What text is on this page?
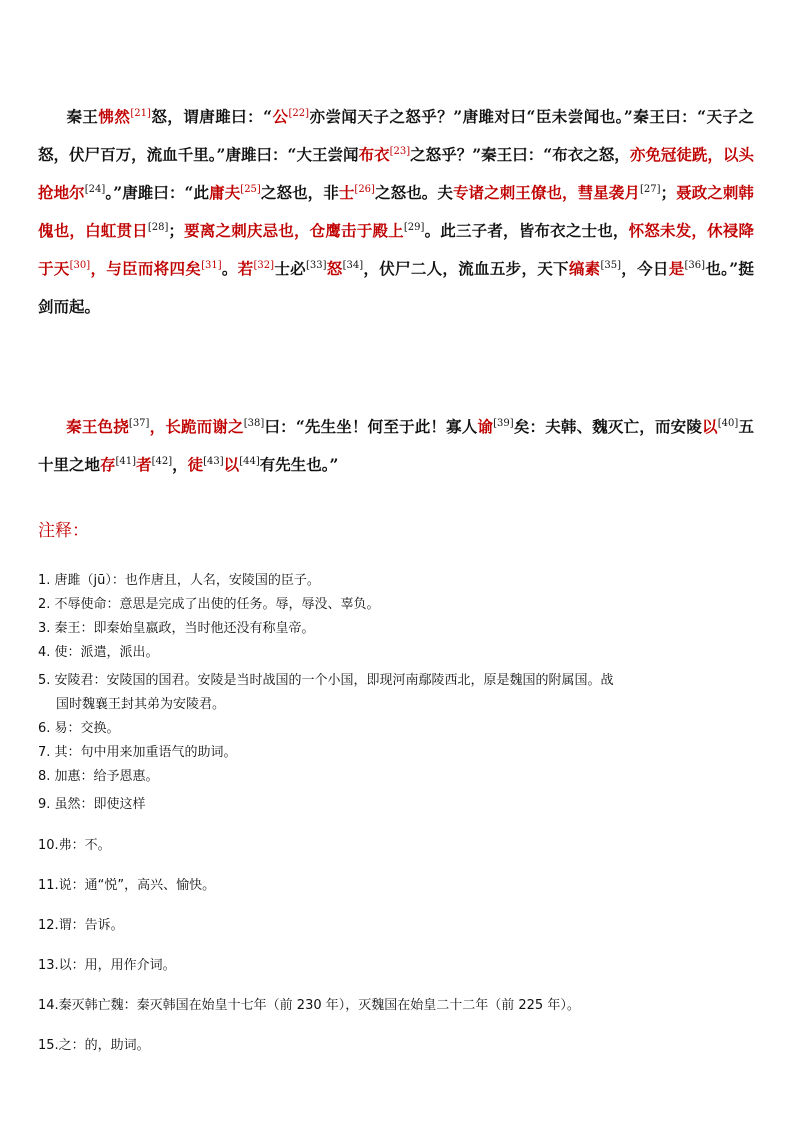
秦王怫然[21]怒，谓唐雎曰：“公[22]亦尝闻天子之怒乎？”唐雎对曰“臣未尝闻也。”秦王曰：“天子之怒，伏尸百万，流血千里。”唐雎曰：“大王尝闻布衣[23]之怒乎？”秦王曰：“布衣之怒，亦免冠徒跣，以头抢地尔[24]。”唐雎曰：“此庸夫[25]之怒也，非士[26]之怒也。夫专诸之刺王僚也，彗星袭月[27]；聂政之刺韩傀也，白虹贯日[28]；要离之刺庆忌也，仓鹰击于殿上[29]。此三子者，皆布衣之士也，怀怒未发，休祲降于天[30]，与臣而将四矣[31]。若[32]士必[33]怒[34]，伏尸二人，流血五步，天下缟素[35]，今日是[36]也。”挺剑而起。

秦王色挠[37]，长跪而谢之[38]曰：“先生坐！何至于此！寡人谕[39]矣：夫韩、魏灭亡，而安陵以[40]五十里之地存[41]者[42]，徒[43]以[44]有先生也。”

注释：
1. 唐雎（jū）：也作唐且，人名，安陵国的臣子。
2. 不辱使命：意思是完成了出使的任务。辱，辱没、辜负。
3. 秦王：即秦始皇嬴政，当时他还没有称皇帝。
4. 使：派遣，派出。
5. 安陵君：安陵国的国君。安陵是当时战国的一个小国，即现河南鄢陵西北，原是魏国的附属国。战
国时魏襄王封其弟为安陵君。
6. 易：交换。
7. 其：句中用来加重语气的助词。
8. 加惠：给予恩惠。
9. 虽然：即使这样
10.弗：不。
11.说：通“悦”，高兴、愉快。
12.谓：告诉。
13.以：用，用作介词。
14.秦灭韩亡魏：秦灭韩国在始皇十七年（前 230 年），灭魏国在始皇二十二年（前 225 年）。
15.之：的，助词。
